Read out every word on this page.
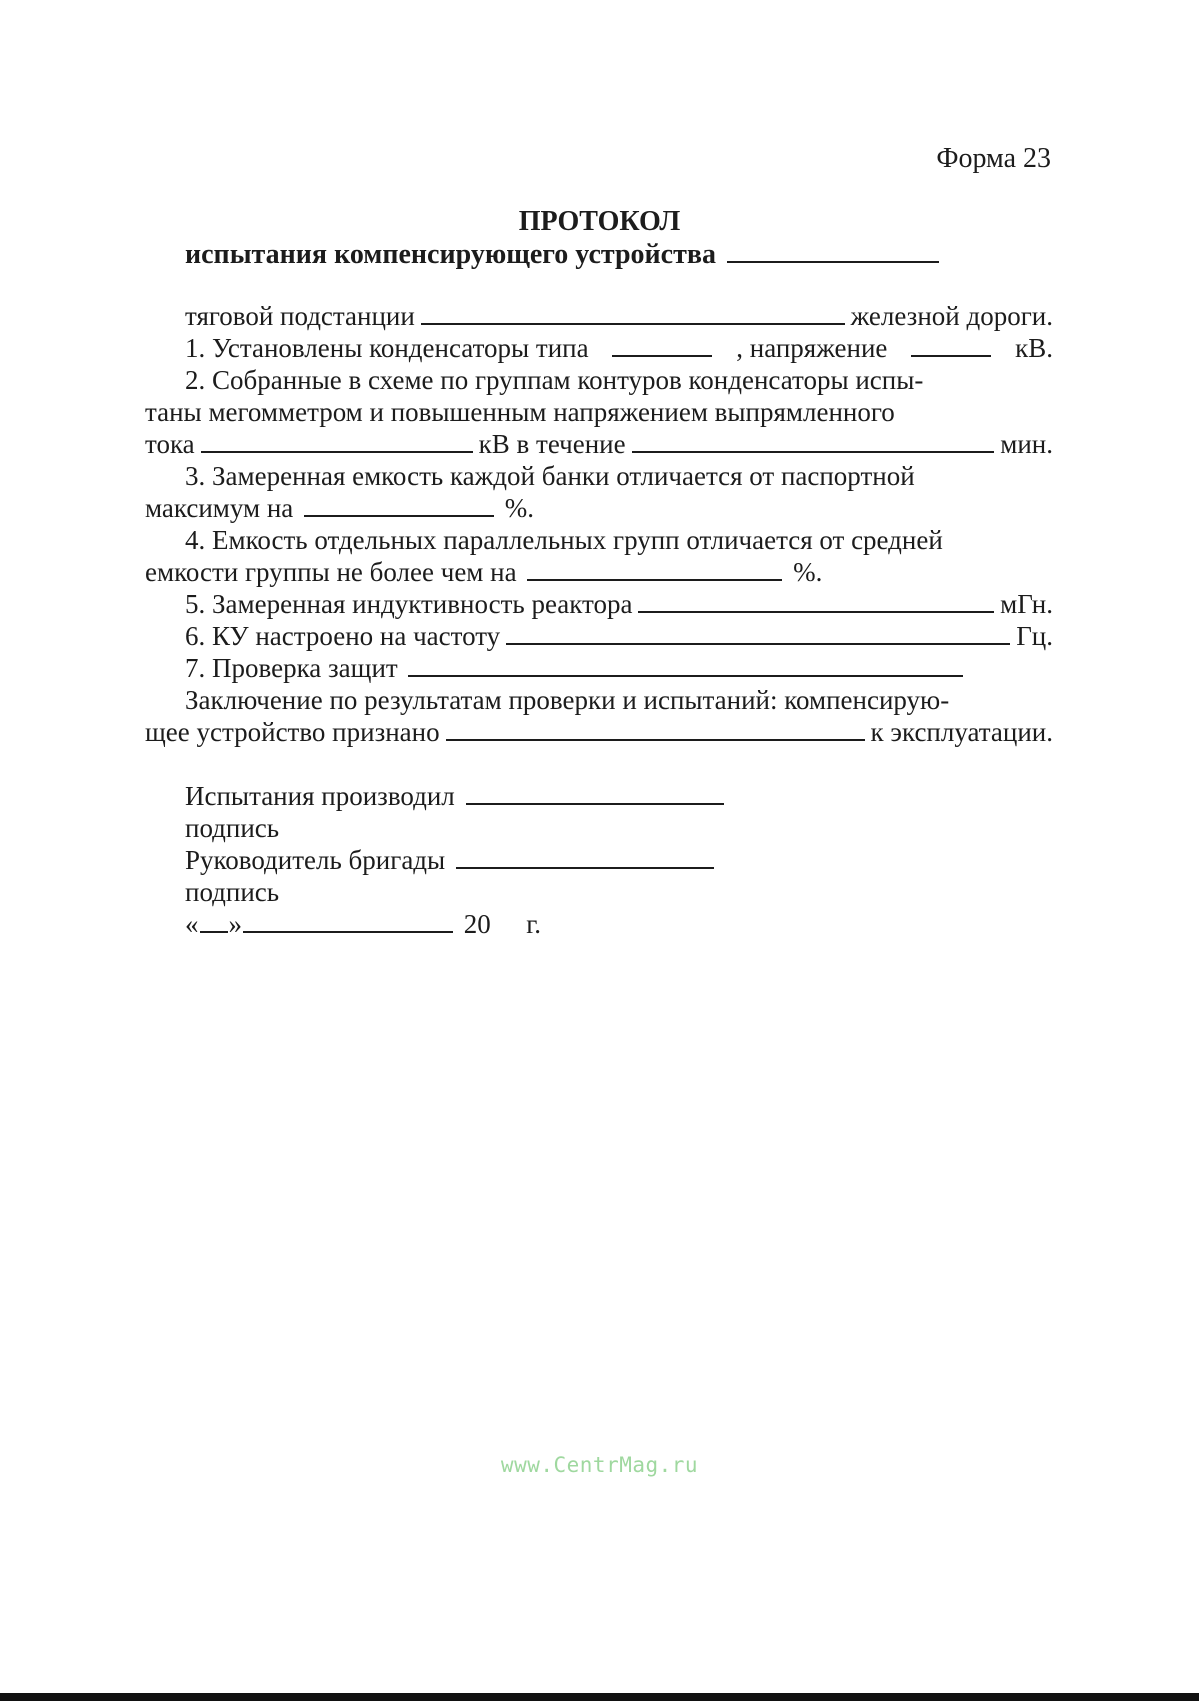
Форма 23
ПРОТОКОЛ
испытания компенсирующего устройства
тяговой подстанции	железной дороги.
1. Установлены конденсаторы типа	, напряжение	кВ.
2. Собранные в схеме по группам контуров конденсаторы испы-
таны мегомметром и повышенным напряжением выпрямленного
тока	кВ в течение	мин.
3. Замеренная емкость каждой банки отличается от паспортной
максимум на	%.
4. Емкость отдельных параллельных групп отличается от средней
емкости группы не более чем на	%.
5. Замеренная индуктивность реактора	мГн.
6. КУ настроено на частоту	Гц.
7. Проверка защит
Заключение по результатам проверки и испытаний: компенсирую-
щее устройство признано	к эксплуатации.
Испытания производил
подпись
Руководитель бригады
подпись
« »	20 г.
www.CentrMag.ru
